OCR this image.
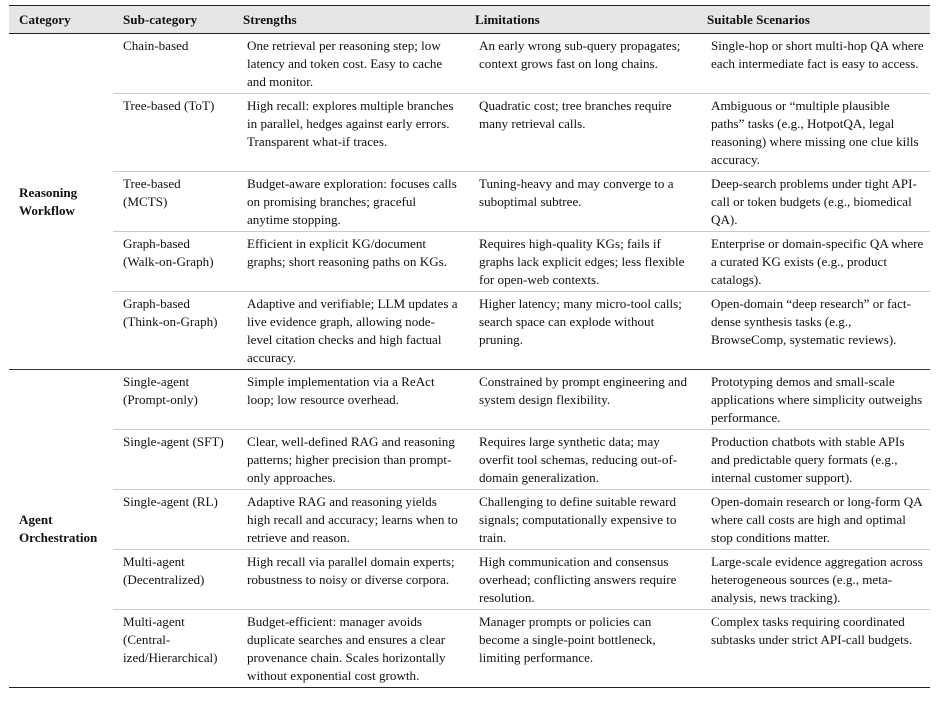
Category	Sub-category	Strengths	Limitations	Suitable Scenarios
Reasoning Workflow	Chain-based	One retrieval per reasoning step; low latency and token cost. Easy to cache and monitor.	An early wrong sub-query propagates; context grows fast on long chains.	Single-hop or short multi-hop QA where each intermediate fact is easy to access.

	Tree-based (ToT)	High recall: explores multiple branches in parallel, hedges against early errors. Transparent what-if traces.	Quadratic cost; tree branches require many retrieval calls.	Ambiguous or “multiple plausible paths” tasks (e.g., HotpotQA, legal reasoning) where missing one clue kills accuracy.

	Tree-based (MCTS)	Budget-aware exploration: focuses calls on promising branches; graceful anytime stopping.	Tuning-heavy and may converge to a suboptimal subtree.	Deep-search problems under tight API-call or token budgets (e.g., biomedical QA).

	Graph-based (Walk-on-Graph)	Efficient in explicit KG/document graphs; short reasoning paths on KGs.	Requires high-quality KGs; fails if graphs lack explicit edges; less flexible for open-web contexts.	Enterprise or domain-specific QA where a curated KG exists (e.g., product catalogs).

	Graph-based (Think-on-Graph)	Adaptive and verifiable; LLM updates a live evidence graph, allowing node-level citation checks and high factual accuracy.	Higher latency; many micro-tool calls; search space can explode without pruning.	Open-domain “deep research” or fact-dense synthesis tasks (e.g., BrowseComp, systematic reviews).

Agent Orchestration	Single-agent (Prompt-only)	Simple implementation via a ReAct loop; low resource overhead.	Constrained by prompt engineering and system design flexibility.	Prototyping demos and small-scale applications where simplicity outweighs performance.

	Single-agent (SFT)	Clear, well-defined RAG and reasoning patterns; higher precision than prompt-only approaches.	Requires large synthetic data; may overfit tool schemas, reducing out-of-domain generalization.	Production chatbots with stable APIs and predictable query formats (e.g., internal customer support).

	Single-agent (RL)	Adaptive RAG and reasoning yields high recall and accuracy; learns when to retrieve and reason.	Challenging to define suitable reward signals; computationally expensive to train.	Open-domain research or long-form QA where call costs are high and optimal stop conditions matter.

	Multi-agent (Decentralized)	High recall via parallel domain experts; robustness to noisy or diverse corpora.	High communication and consensus overhead; conflicting answers require resolution.	Large-scale evidence aggregation across heterogeneous sources (e.g., meta-analysis, news tracking).

	Multi-agent (Central-ized/Hierarchical)	Budget-efficient: manager avoids duplicate searches and ensures a clear provenance chain. Scales horizontally without exponential cost growth.	Manager prompts or policies can become a single-point bottleneck, limiting performance.	Complex tasks requiring coordinated subtasks under strict API-call budgets.
